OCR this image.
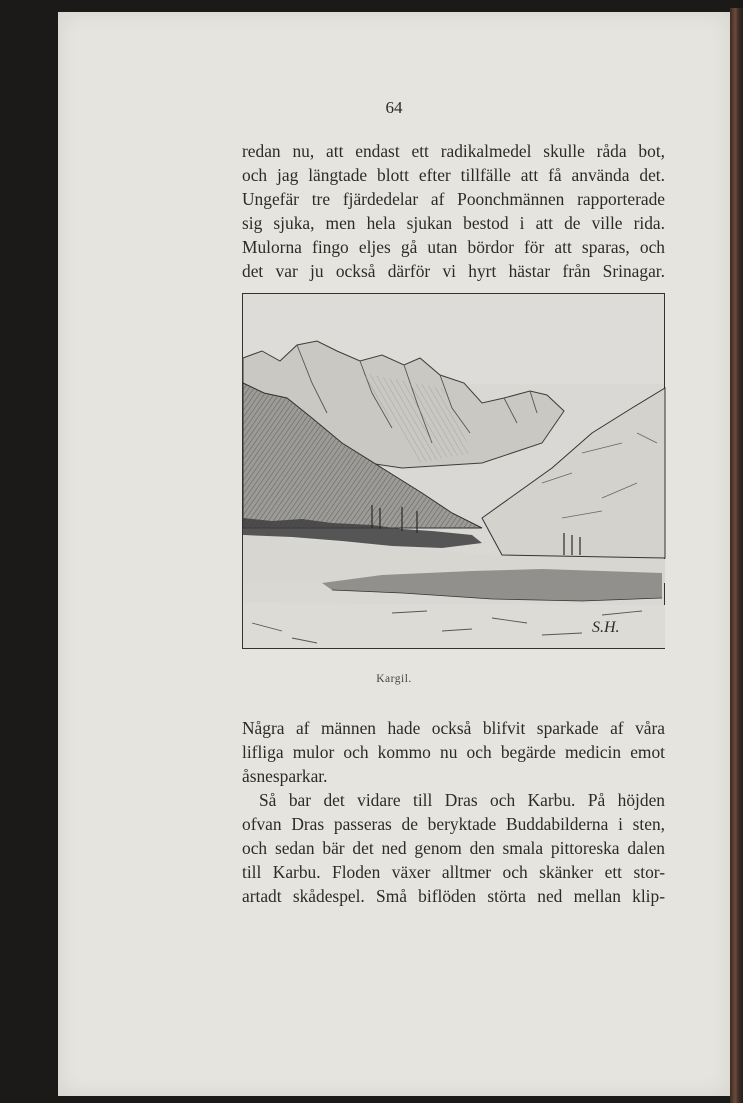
64
redan nu, att endast ett radikalmedel skulle råda bot,
och jag längtade blott efter tillfälle att få använda det.
Ungefär tre fjärdedelar af Poonchmännen rapporterade
sig sjuka, men hela sjukan bestod i att de ville rida.
Mulorna fingo eljes gå utan bördor för att sparas, och
det var ju också därför vi hyrt hästar från Srinagar.
S.H.
Kargil.
Några af männen hade också blifvit sparkade af våra
lifliga mulor och kommo nu och begärde medicin emot
åsnesparkar.
Så bar det vidare till Dras och Karbu. På höjden
ofvan Dras passeras de beryktade Buddabilderna i sten,
och sedan bär det ned genom den smala pittoreska dalen
till Karbu. Floden växer alltmer och skänker ett stor-
artadt skådespel. Små biflöden störta ned mellan klip-
